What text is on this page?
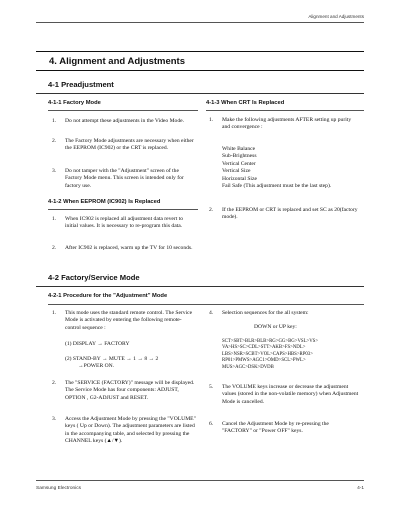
Alignment and Adjustments
4. Alignment and Adjustments
4-1 Preadjustment
4-1-1 Factory Mode
1. Do not attempt these adjustments in the Video Mode.
2. The Factory Mode adjustments are necessary when either the EEPROM (IC902) or the CRT is replaced.
3. Do not tamper with the "Adjustment" screen of the Factory Mode menu. This screen is intended only for factory use.
4-1-2 When EEPROM (IC902) Is Replaced
1. When IC902 is replaced all adjustment data revert to initial values. It is necessary to re-program this data.
2. After IC902 is replaced, warm up the TV for 10 seconds.
4-1-3 When CRT Is Replaced
1. Make the following adjustments AFTER setting up purity and convergence :
White Balance
Sub-Brightness
Vertical Center
Vertical Size
Horizontal Size
Fail Safe (This adjustment must be the last step).
2. If the EEPROM or CRT is replaced and set SC as 20(factory mode).
4-2 Factory/Service Mode
4-2-1 Procedure for the "Adjustment" Mode
1. This mode uses the standard remote control. The Service Mode is activated by entering the following remote-control sequence :
(1) DISPLAY → FACTORY
(2) STAND-BY → MUTE → 1 → 8 → 2
→POWER ON.
2. The "SERVICE (FACTORY)" message will be displayed. The Service Mode has four components: ADJUST, OPTION , G2-ADJUST and RESET.
3. Access the Adjustment Mode by pressing the "VOLUME" keys ( Up or Down). The adjustment parameters are listed in the accompanying table, and selected by pressing the CHANNEL keys (▲/▼).
4. Selection sequences for the all system:
DOWN or UP key:
SCT>SBT>BLR>BLB>RG>GG>BG>VSL>VS>
VA>HS>SC>CDL>STT>AKB>FS>NDL>
LBS>NSR>SCBT>VOL>CAPS>HBS>RP03>
RP01>PMWS>AGC1>OMD>SCL>PWL>
MUS>AGC>DSK>DVDB
5. The VOLUME keys increase or decrease the adjustment values (stored in the non-volatile memory) when Adjustment Mode is cancelled.
6. Cancel the Adjustment Mode by re-pressing the "FACTORY" or "Power OFF" keys.
Samsung Electronics	4-1
